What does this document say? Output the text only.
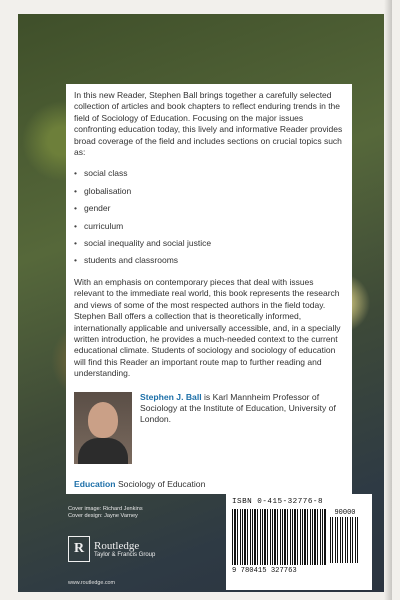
In this new Reader, Stephen Ball brings together a carefully selected collection of articles and book chapters to reflect enduring trends in the field of Sociology of Education. Focusing on the major issues confronting education today, this lively and informative Reader provides broad coverage of the field and includes sections on crucial topics such as:

• social class
• globalisation
• gender
• curriculum
• social inequality and social justice
• students and classrooms

With an emphasis on contemporary pieces that deal with issues relevant to the immediate real world, this book represents the research and views of some of the most respected authors in the field today. Stephen Ball offers a collection that is theoretically informed, internationally applicable and universally accessible, and, in a specially written introduction, he provides a much-needed context to the current educational climate. Students of sociology and sociology of education will find this Reader an important route map to further reading and understanding.

Stephen J. Ball is Karl Mannheim Professor of Sociology at the Institute of Education, University of London.
Education Sociology of Education
Cover image: Richard Jenkins
Cover design: Jayne Varney
R Routledge
Taylor & Francis Group
www.routledge.com
ISBN 0-415-32776-8
90000
9 780415 327763
